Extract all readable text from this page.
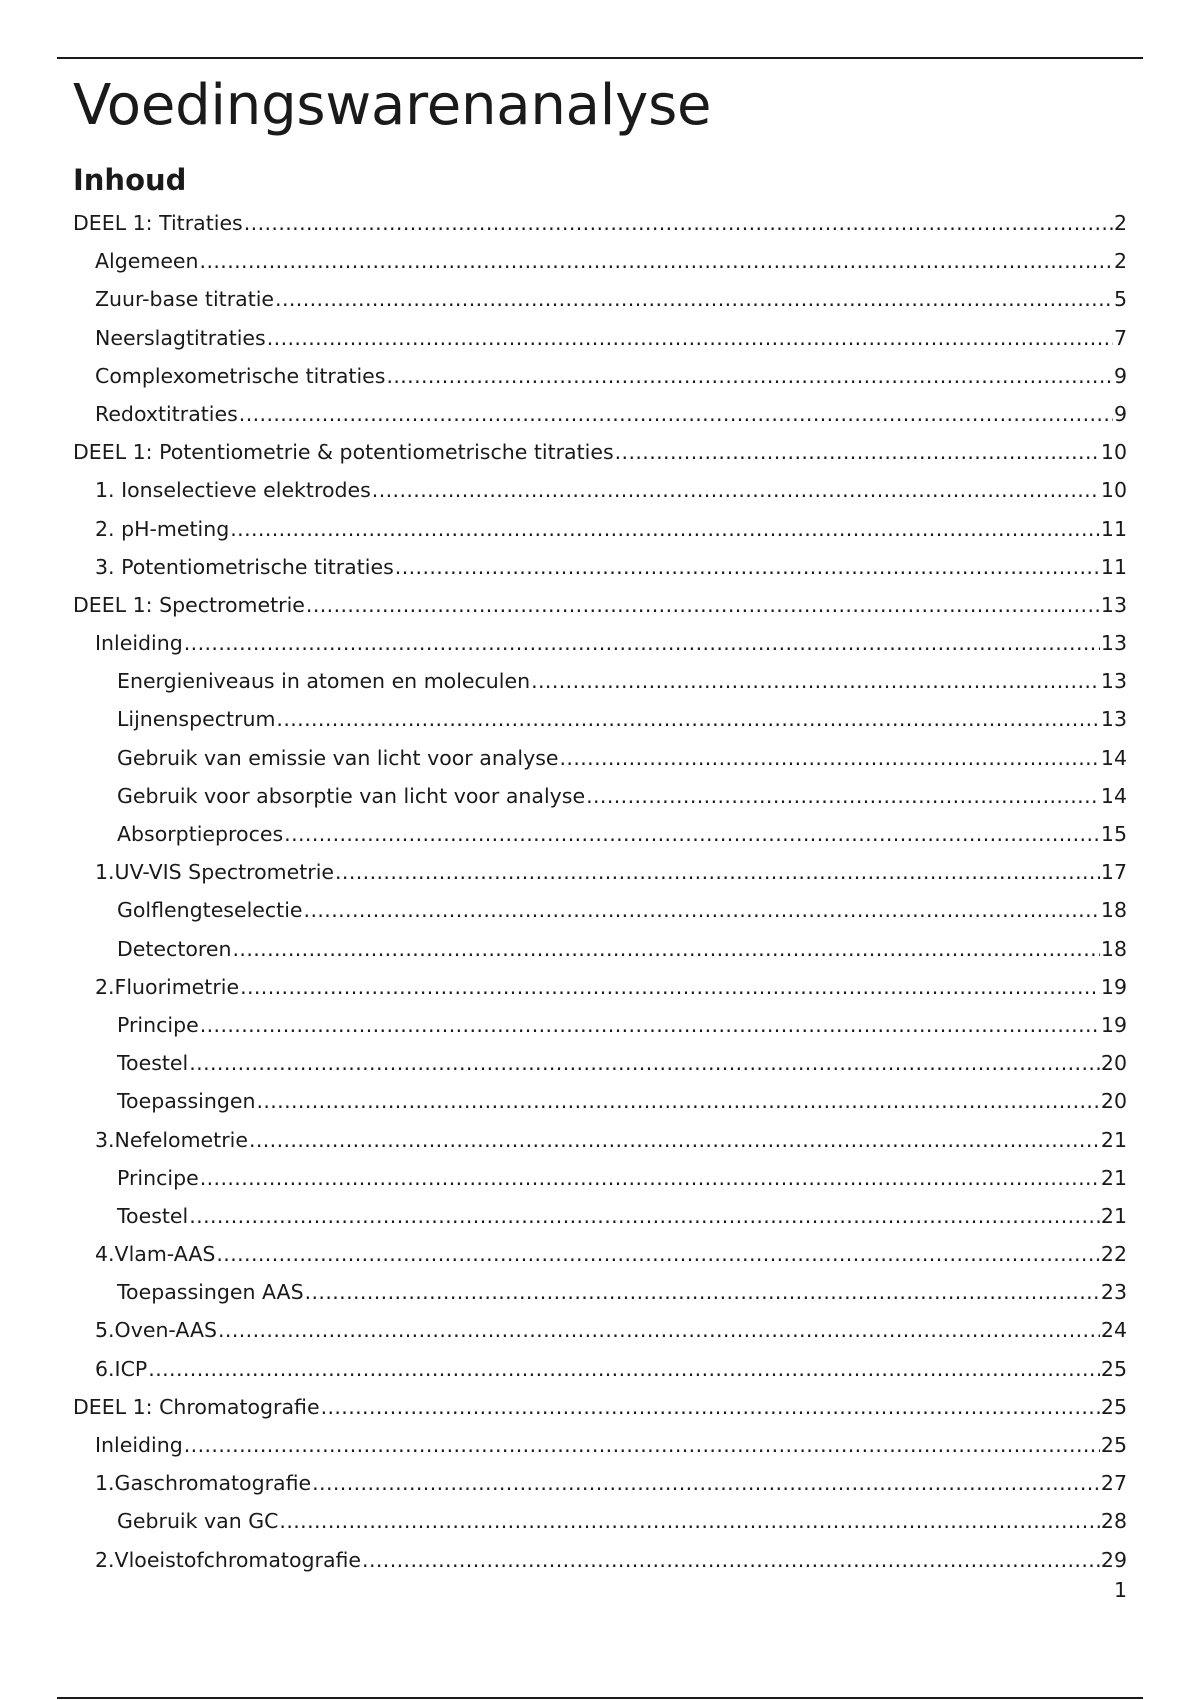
Voedingswarenanalyse
Inhoud
DEEL 1: Titraties .....	2
Algemeen .....	2
Zuur-base titratie .....	5
Neerslagtitraties .....	7
Complexometrische titraties .....	9
Redoxtitraties .....	9
DEEL 1: Potentiometrie & potentiometrische titraties .....	10
1. Ionselectieve elektrodes .....	10
2. pH-meting .....	11
3. Potentiometrische titraties .....	11
DEEL 1: Spectrometrie .....	13
Inleiding .....	13
Energieniveaus in atomen en moleculen .....	13
Lijnenspectrum .....	13
Gebruik van emissie van licht voor analyse .....	14
Gebruik voor absorptie van licht voor analyse .....	14
Absorptieproces .....	15
1.UV-VIS Spectrometrie .....	17
Golflengteselectie .....	18
Detectoren .....	18
2.Fluorimetrie .....	19
Principe .....	19
Toestel .....	20
Toepassingen .....	20
3.Nefelometrie .....	21
Principe .....	21
Toestel .....	21
4.Vlam-AAS .....	22
Toepassingen AAS .....	23
5.Oven-AAS .....	24
6.ICP .....	25
DEEL 1: Chromatografie .....	25
Inleiding .....	25
1.Gaschromatografie .....	27
Gebruik van GC .....	28
2.Vloeistofchromatografie .....	29
1
